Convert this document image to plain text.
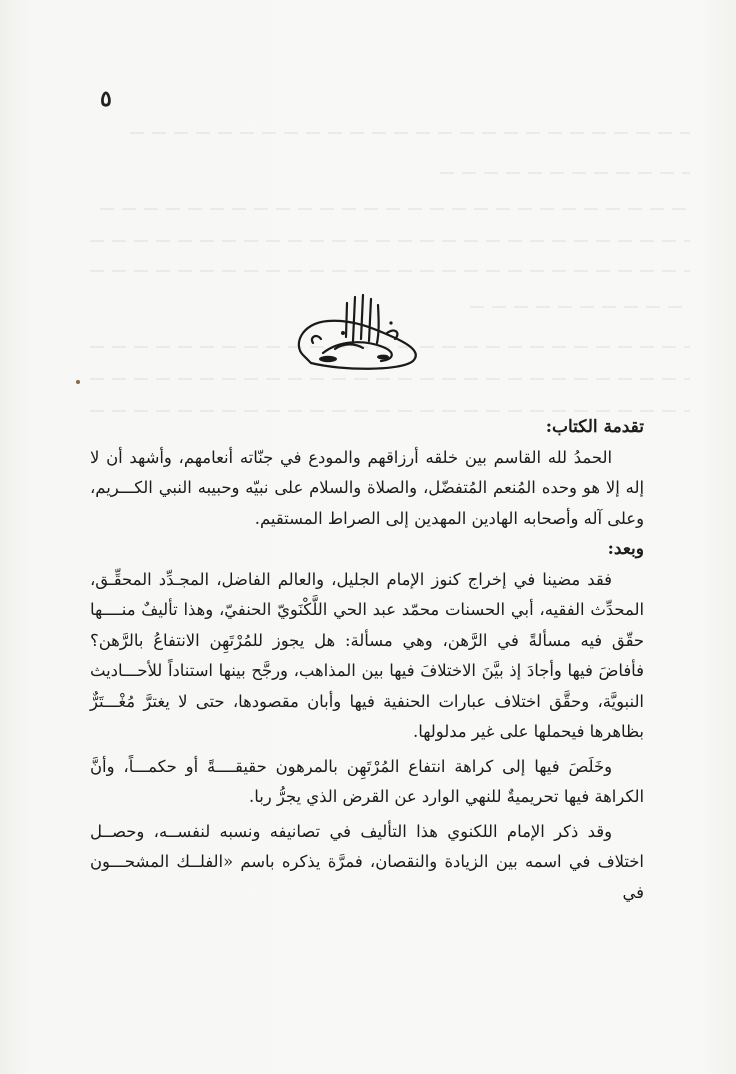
٥

تقدمة الكتاب:

الحمدُ لله القاسم بين خلقه أرزاقهم والمودع في جنّاته أنعامهم، وأشهد أن لا إله إلا هو وحده المُنعم المُتفضّل، والصلاة والسلام على نبيّه وحبيبه النبي الكـــريم، وعلى آله وأصحابه الهادين المهدين إلى الصراط المستقيم.

وبعد:

فقد مضينا في إخراج كنوز الإمام الجليل، والعالم الفاضل، المجـدِّد المحقِّـق، المحدِّث الفقيه، أبي الحسنات محمّد عبد الحي اللَّكْنَويّ الحنفيّ، وهذا تأليفٌ منــــها حقّق فيه مسألةً في الرَّهن، وهي مسألة: هل يجوز للمُرْتَهِن الانتفاعُ بالرَّهن؟ فأفاضَ فيها وأجادَ إذ بيَّنَ الاختلافَ فيها بين المذاهب، ورجَّح بينها استناداً للأحـــاديث النبويَّة، وحقَّق اختلاف عبارات الحنفية فيها وأبان مقصودها، حتى لا يغترَّ مُغْـــتَرٌّ بظاهرها فيحملها على غير مدلولها.

وخَلَصَ فيها إلى كراهة انتفاع المُرْتَهِن بالمرهون حقيقــــةً أو حكمـــاً، وأنَّ الكراهة فيها تحريميةٌ للنهي الوارد عن القرض الذي يجرُّ ربا.

وقد ذكر الإمام اللكنوي هذا التأليف في تصانيفه ونسبه لنفســه، وحصــل اختلاف في اسمه بين الزيادة والنقصان، فمرَّة يذكره باسم «الفلــك المشحـــون في
